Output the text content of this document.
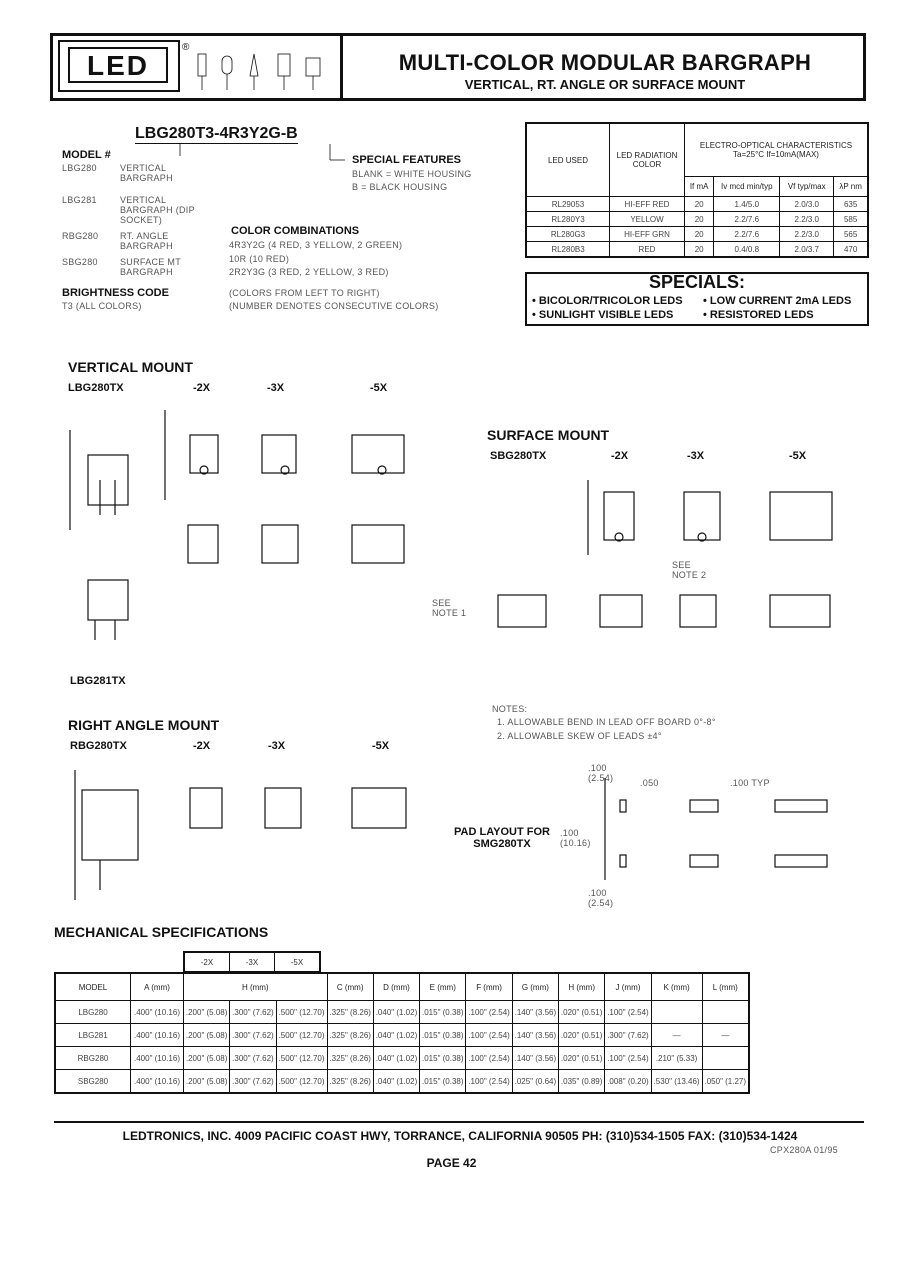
LED
®
MULTI-COLOR MODULAR BARGRAPH
VERTICAL, RT. ANGLE OR SURFACE MOUNT
LBG280T3-4R3Y2G-B
MODEL #
LBG280	VERTICAL BARGRAPH
LBG281	VERTICAL BARGRAPH (DIP SOCKET)
RBG280	RT. ANGLE BARGRAPH
SBG280	SURFACE MT BARGRAPH
BRIGHTNESS CODE
T3 (ALL COLORS)
SPECIAL FEATURES
BLANK = WHITE HOUSING
B = BLACK HOUSING
COLOR COMBINATIONS
4R3Y2G (4 RED, 3 YELLOW, 2 GREEN)
10R (10 RED)
2R2Y3G (3 RED, 2 YELLOW, 3 RED)
(COLORS FROM LEFT TO RIGHT)
(NUMBER DENOTES CONSECUTIVE COLORS)
LED USED	LED RADIATION COLOR	ELECTRO-OPTICAL CHARACTERISTICS Ta=25°C If=10mA(MAX)			
		If mA	Iv mcd min/typ	Vf typ/max	λP nm
RL29053	HI-EFF RED	20	1.4/5.0	2.0/3.0	635
RL280Y3	YELLOW	20	2.2/7.6	2.2/3.0	585
RL280G3	HI-EFF GRN	20	2.2/7.6	2.2/3.0	565
RL280B3	RED	20	0.4/0.8	2.0/3.7	470
SPECIALS:
• BICOLOR/TRICOLOR LEDS • LOW CURRENT 2mA LEDS
• SUNLIGHT VISIBLE LEDS	• RESISTORED LEDS
VERTICAL MOUNT
LBG280TX	-2X	-3X	-5X
LBG281TX
SURFACE MOUNT
SBG280TX	-2X	-3X	-5X
SEE NOTE 2
SEE NOTE 1
NOTES:
1. ALLOWABLE BEND IN LEAD OFF BOARD 0°-8°
2. ALLOWABLE SKEW OF LEADS ±4°
RIGHT ANGLE MOUNT
RBG280TX	-2X	-3X	-5X
PAD LAYOUT FOR SMG280TX
.100 (2.54)	.050	.100 TYP
.100 (10.16)
.100 (2.54)
MECHANICAL SPECIFICATIONS
-2X	-3X	-5X
MODEL	A (mm)	H (mm)			C (mm)	D (mm)	E (mm)	F (mm)	G (mm)	H (mm)	J (mm)	K (mm)	L (mm)
LBG280	.400" (10.16)	.200" (5.08)	.300" (7.62)	.500" (12.70)	.325" (8.26)	.040" (1.02)	.015" (0.38)	.100" (2.54)	.140" (3.56)	.020" (0.51)	.100" (2.54)		
LBG281	.400" (10.16)	.200" (5.08)	.300" (7.62)	.500" (12.70)	.325" (8.26)	.040" (1.02)	.015" (0.38)	.100" (2.54)	.140" (3.56)	.020" (0.51)	.300" (7.62)	—	—
RBG280	.400" (10.16)	.200" (5.08)	.300" (7.62)	.500" (12.70)	.325" (8.26)	.040" (1.02)	.015" (0.38)	.100" (2.54)	.140" (3.56)	.020" (0.51)	.100" (2.54)	.210" (5.33)	
SBG280	.400" (10.16)	.200" (5.08)	.300" (7.62)	.500" (12.70)	.325" (8.26)	.040" (1.02)	.015" (0.38)	.100" (2.54)	.025" (0.64)	.035" (0.89)	.008" (0.20)	.530" (13.46)	.050" (1.27)
LEDTRONICS, INC. 4009 PACIFIC COAST HWY, TORRANCE, CALIFORNIA 90505 PH: (310)534-1505 FAX: (310)534-1424
CPX280A 01/95
PAGE 42
